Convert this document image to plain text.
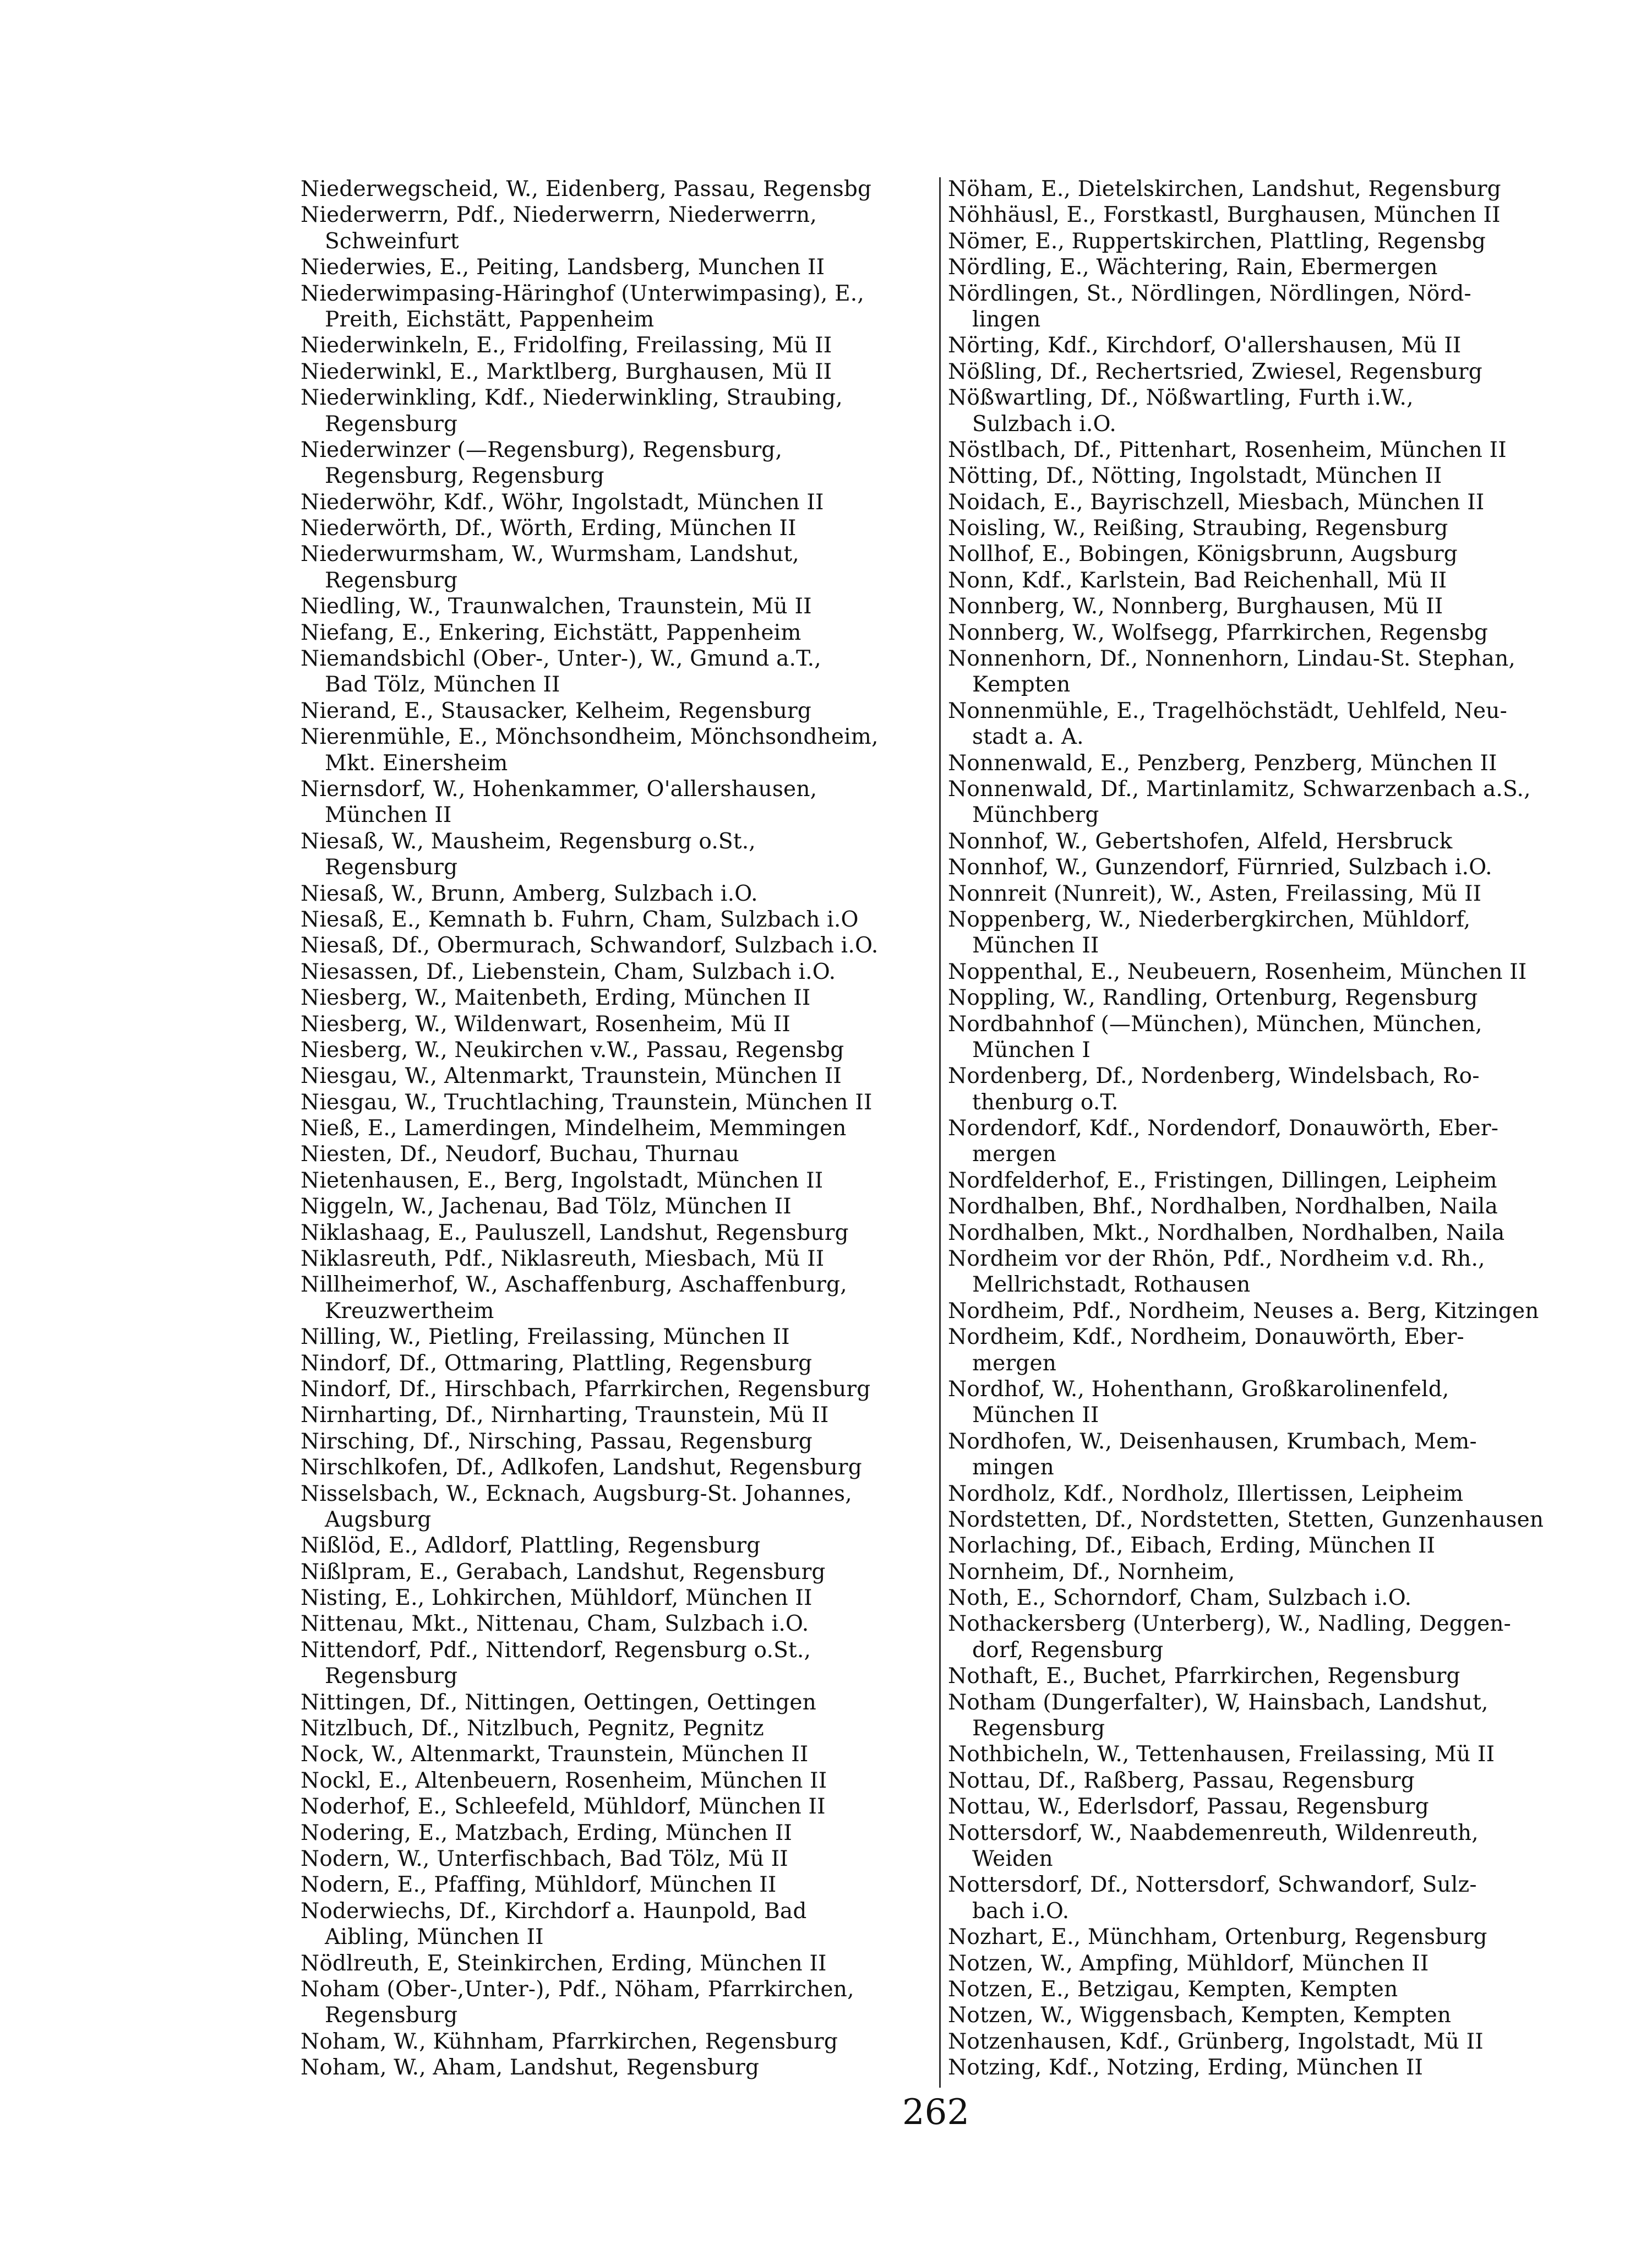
Niederwegscheid, W., Eidenberg, Passau, Regensbg
Niederwerrn, Pdf., Niederwerrn, Niederwerrn,
Schweinfurt
Niederwies, E., Peiting, Landsberg, Munchen II
Niederwimpasing-Häringhof (Unterwimpasing), E.,
Preith, Eichstätt, Pappenheim
Niederwinkeln, E., Fridolfing, Freilassing, Mü II
Niederwinkl, E., Marktlberg, Burghausen, Mü II
Niederwinkling, Kdf., Niederwinkling, Straubing,
Regensburg
Niederwinzer (—Regensburg), Regensburg,
Regensburg, Regensburg
Niederwöhr, Kdf., Wöhr, Ingolstadt, München II
Niederwörth, Df., Wörth, Erding, München II
Niederwurmsham, W., Wurmsham, Landshut,
Regensburg
Niedling, W., Traunwalchen, Traunstein, Mü II
Niefang, E., Enkering, Eichstätt, Pappenheim
Niemandsbichl (Ober-, Unter-), W., Gmund a.T.,
Bad Tölz, München II
Nierand, E., Stausacker, Kelheim, Regensburg
Nierenmühle, E., Mönchsondheim, Mönchsondheim,
Mkt. Einersheim
Niernsdorf, W., Hohenkammer, O'allershausen,
München II
Niesaß, W., Mausheim, Regensburg o.St.,
Regensburg
Niesaß, W., Brunn, Amberg, Sulzbach i.O.
Niesaß, E., Kemnath b. Fuhrn, Cham, Sulzbach i.O
Niesaß, Df., Obermurach, Schwandorf, Sulzbach i.O.
Niesassen, Df., Liebenstein, Cham, Sulzbach i.O.
Niesberg, W., Maitenbeth, Erding, München II
Niesberg, W., Wildenwart, Rosenheim, Mü II
Niesberg, W., Neukirchen v.W., Passau, Regensbg
Niesgau, W., Altenmarkt, Traunstein, München II
Niesgau, W., Truchtlaching, Traunstein, München II
Nieß, E., Lamerdingen, Mindelheim, Memmingen
Niesten, Df., Neudorf, Buchau, Thurnau
Nietenhausen, E., Berg, Ingolstadt, München II
Niggeln, W., Jachenau, Bad Tölz, München II
Niklashaag, E., Pauluszell, Landshut, Regensburg
Niklasreuth, Pdf., Niklasreuth, Miesbach, Mü II
Nillheimerhof, W., Aschaffenburg, Aschaffenburg,
Kreuzwertheim
Nilling, W., Pietling, Freilassing, München II
Nindorf, Df., Ottmaring, Plattling, Regensburg
Nindorf, Df., Hirschbach, Pfarrkirchen, Regensburg
Nirnharting, Df., Nirnharting, Traunstein, Mü II
Nirsching, Df., Nirsching, Passau, Regensburg
Nirschlkofen, Df., Adlkofen, Landshut, Regensburg
Nisselsbach, W., Ecknach, Augsburg-St. Johannes,
Augsburg
Nißlöd, E., Adldorf, Plattling, Regensburg
Nißlpram, E., Gerabach, Landshut, Regensburg
Nisting, E., Lohkirchen, Mühldorf, München II
Nittenau, Mkt., Nittenau, Cham, Sulzbach i.O.
Nittendorf, Pdf., Nittendorf, Regensburg o.St.,
Regensburg
Nittingen, Df., Nittingen, Oettingen, Oettingen
Nitzlbuch, Df., Nitzlbuch, Pegnitz, Pegnitz
Nock, W., Altenmarkt, Traunstein, München II
Nockl, E., Altenbeuern, Rosenheim, München II
Noderhof, E., Schleefeld, Mühldorf, München II
Nodering, E., Matzbach, Erding, München II
Nodern, W., Unterfischbach, Bad Tölz, Mü II
Nodern, E., Pfaffing, Mühldorf, München II
Noderwiechs, Df., Kirchdorf a. Haunpold, Bad
Aibling, München II
Nödlreuth, E, Steinkirchen, Erding, München II
Noham (Ober-,Unter-), Pdf., Nöham, Pfarrkirchen,
Regensburg
Noham, W., Kühnham, Pfarrkirchen, Regensburg
Noham, W., Aham, Landshut, Regensburg
Nöham, E., Dietelskirchen, Landshut, Regensburg
Nöhhäusl, E., Forstkastl, Burghausen, München II
Nömer, E., Ruppertskirchen, Plattling, Regensbg
Nördling, E., Wächtering, Rain, Ebermergen
Nördlingen, St., Nördlingen, Nördlingen, Nörd-
lingen
Nörting, Kdf., Kirchdorf, O'allershausen, Mü II
Nößling, Df., Rechertsried, Zwiesel, Regensburg
Nößwartling, Df., Nößwartling, Furth i.W.,
Sulzbach i.O.
Nöstlbach, Df., Pittenhart, Rosenheim, München II
Nötting, Df., Nötting, Ingolstadt, München II
Noidach, E., Bayrischzell, Miesbach, München II
Noisling, W., Reißing, Straubing, Regensburg
Nollhof, E., Bobingen, Königsbrunn, Augsburg
Nonn, Kdf., Karlstein, Bad Reichenhall, Mü II
Nonnberg, W., Nonnberg, Burghausen, Mü II
Nonnberg, W., Wolfsegg, Pfarrkirchen, Regensbg
Nonnenhorn, Df., Nonnenhorn, Lindau-St. Stephan,
Kempten
Nonnenmühle, E., Tragelhöchstädt, Uehlfeld, Neu-
stadt a. A.
Nonnenwald, E., Penzberg, Penzberg, München II
Nonnenwald, Df., Martinlamitz, Schwarzenbach a.S.,
Münchberg
Nonnhof, W., Gebertshofen, Alfeld, Hersbruck
Nonnhof, W., Gunzendorf, Fürnried, Sulzbach i.O.
Nonnreit (Nunreit), W., Asten, Freilassing, Mü II
Noppenberg, W., Niederbergkirchen, Mühldorf,
München II
Noppenthal, E., Neubeuern, Rosenheim, München II
Noppling, W., Randling, Ortenburg, Regensburg
Nordbahnhof (—München), München, München,
München I
Nordenberg, Df., Nordenberg, Windelsbach, Ro-
thenburg o.T.
Nordendorf, Kdf., Nordendorf, Donauwörth, Eber-
mergen
Nordfelderhof, E., Fristingen, Dillingen, Leipheim
Nordhalben, Bhf., Nordhalben, Nordhalben, Naila
Nordhalben, Mkt., Nordhalben, Nordhalben, Naila
Nordheim vor der Rhön, Pdf., Nordheim v.d. Rh.,
Mellrichstadt, Rothausen
Nordheim, Pdf., Nordheim, Neuses a. Berg, Kitzingen
Nordheim, Kdf., Nordheim, Donauwörth, Eber-
mergen
Nordhof, W., Hohenthann, Großkarolinenfeld,
München II
Nordhofen, W., Deisenhausen, Krumbach, Mem-
mingen
Nordholz, Kdf., Nordholz, Illertissen, Leipheim
Nordstetten, Df., Nordstetten, Stetten, Gunzenhausen
Norlaching, Df., Eibach, Erding, München II
Nornheim, Df., Nornheim,
Noth, E., Schorndorf, Cham, Sulzbach i.O.
Nothackersberg (Unterberg), W., Nadling, Deggen-
dorf, Regensburg
Nothaft, E., Buchet, Pfarrkirchen, Regensburg
Notham (Dungerfalter), W, Hainsbach, Landshut,
Regensburg
Nothbicheln, W., Tettenhausen, Freilassing, Mü II
Nottau, Df., Raßberg, Passau, Regensburg
Nottau, W., Ederlsdorf, Passau, Regensburg
Nottersdorf, W., Naabdemenreuth, Wildenreuth,
Weiden
Nottersdorf, Df., Nottersdorf, Schwandorf, Sulz-
bach i.O.
Nozhart, E., Münchham, Ortenburg, Regensburg
Notzen, W., Ampfing, Mühldorf, München II
Notzen, E., Betzigau, Kempten, Kempten
Notzen, W., Wiggensbach, Kempten, Kempten
Notzenhausen, Kdf., Grünberg, Ingolstadt, Mü II
Notzing, Kdf., Notzing, Erding, München II
262
